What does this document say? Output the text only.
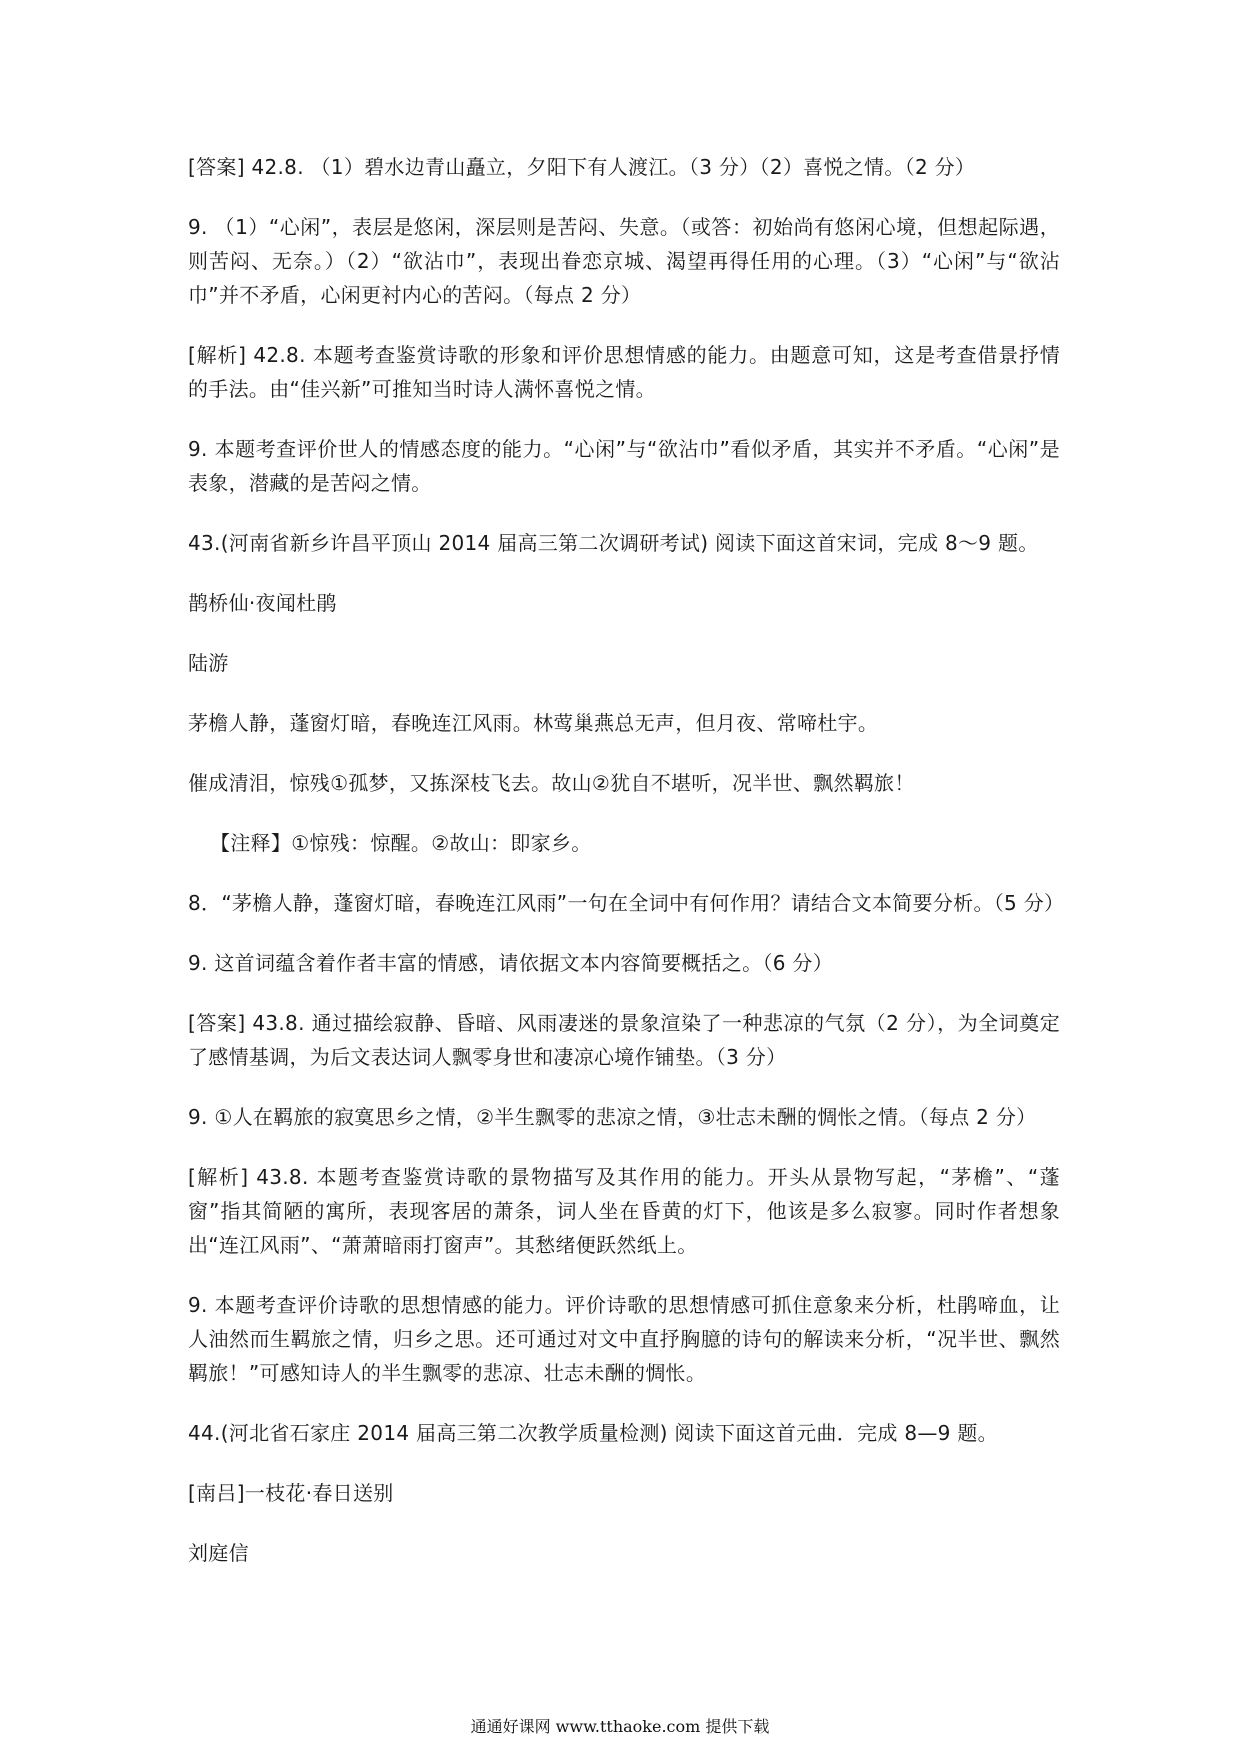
[答案] 42.8. （1）碧水边青山矗立，夕阳下有人渡江。（3 分）（2）喜悦之情。（2 分）

9. （1）“心闲”，表层是悠闲，深层则是苦闷、失意。（或答：初始尚有悠闲心境，但想起际遇，则苦闷、无奈。）（2）“欲沾巾”，表现出眷恋京城、渴望再得任用的心理。（3）“心闲”与“欲沾巾”并不矛盾，心闲更衬内心的苦闷。（每点 2 分）

[解析] 42.8. 本题考查鉴赏诗歌的形象和评价思想情感的能力。由题意可知，这是考查借景抒情的手法。由“佳兴新”可推知当时诗人满怀喜悦之情。

9. 本题考查评价世人的情感态度的能力。“心闲”与“欲沾巾”看似矛盾，其实并不矛盾。“心闲”是表象，潜藏的是苦闷之情。

43.(河南省新乡许昌平顶山 2014 届高三第二次调研考试) 阅读下面这首宋词，完成 8～9 题。

鹊桥仙·夜闻杜鹃

陆游

茅檐人静，蓬窗灯暗，春晚连江风雨。林莺巢燕总无声，但月夜、常啼杜宇。

催成清泪，惊残①孤梦，又拣深枝飞去。故山②犹自不堪听，况半世、飘然羁旅！

【注释】①惊残：惊醒。②故山：即家乡。

8．“茅檐人静，蓬窗灯暗，春晚连江风雨”一句在全词中有何作用？请结合文本简要分析。（5 分）

9. 这首词蕴含着作者丰富的情感，请依据文本内容简要概括之。（6 分）

[答案] 43.8. 通过描绘寂静、昏暗、风雨凄迷的景象渲染了一种悲凉的气氛（2 分），为全词奠定了感情基调，为后文表达词人飘零身世和凄凉心境作铺垫。（3 分）

9. ①人在羁旅的寂寞思乡之情，②半生飘零的悲凉之情，③壮志未酬的惆怅之情。（每点 2 分）

[解析] 43.8. 本题考查鉴赏诗歌的景物描写及其作用的能力。开头从景物写起，“茅檐”、“蓬窗”指其简陋的寓所，表现客居的萧条，词人坐在昏黄的灯下，他该是多么寂寥。同时作者想象出“连江风雨”、“萧萧暗雨打窗声”。其愁绪便跃然纸上。

9. 本题考查评价诗歌的思想情感的能力。评价诗歌的思想情感可抓住意象来分析，杜鹃啼血，让人油然而生羁旅之情，归乡之思。还可通过对文中直抒胸臆的诗句的解读来分析，“况半世、飘然羁旅！”可感知诗人的半生飘零的悲凉、壮志未酬的惆怅。

44.(河北省石家庄 2014 届高三第二次教学质量检测) 阅读下面这首元曲．完成 8—9 题。

[南吕]一枝花·春日送别

刘庭信

通通好课网 www.tthaoke.com 提供下载
